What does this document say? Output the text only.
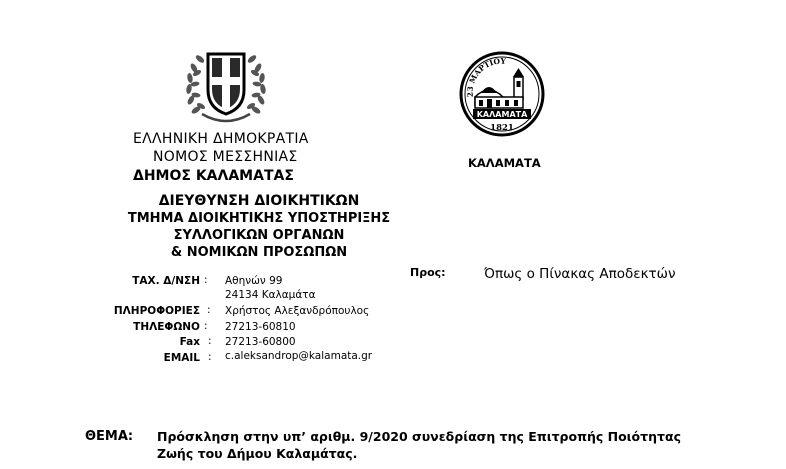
23 ΜΑΡΤΙΟΥ
ΚΑΛΑΜΑΤΑ
1821
ΕΛΛΗΝΙΚΗ ΔΗΜΟΚΡΑΤΙΑ
ΝΟΜΟΣ ΜΕΣΣΗΝΙΑΣ
ΔΗΜΟΣ ΚΑΛΑΜΑΤΑΣ
ΔΙΕΥΘΥΝΣΗ ΔΙΟΙΚΗΤΙΚΩΝ
ΤΜΗΜΑ ΔΙΟΙΚΗΤΙΚΗΣ ΥΠΟΣΤΗΡΙΞΗΣ
ΣΥΛΛΟΓΙΚΩΝ ΟΡΓΑΝΩΝ
& ΝΟΜΙΚΩΝ ΠΡΟΣΩΠΩΝ
ΚΑΛΑΜΑΤΑ
ΤΑΧ. Δ/ΝΣΗ : Αθηνών 99
24134 Καλαμάτα
ΠΛΗΡΟΦΟΡΙΕΣ : Χρήστος Αλεξανδρόπουλος
ΤΗΛΕΦΩΝΟ : 27213-60810
Fax : 27213-60800
EMAIL : c.aleksandrop@kalamata.gr
Προς:	Όπως ο Πίνακας Αποδεκτών
ΘΕΜΑ: Πρόσκληση στην υπ’ αριθμ. 9/2020 συνεδρίαση της Επιτροπής Ποιότητας
Ζωής του Δήμου Καλαμάτας.
